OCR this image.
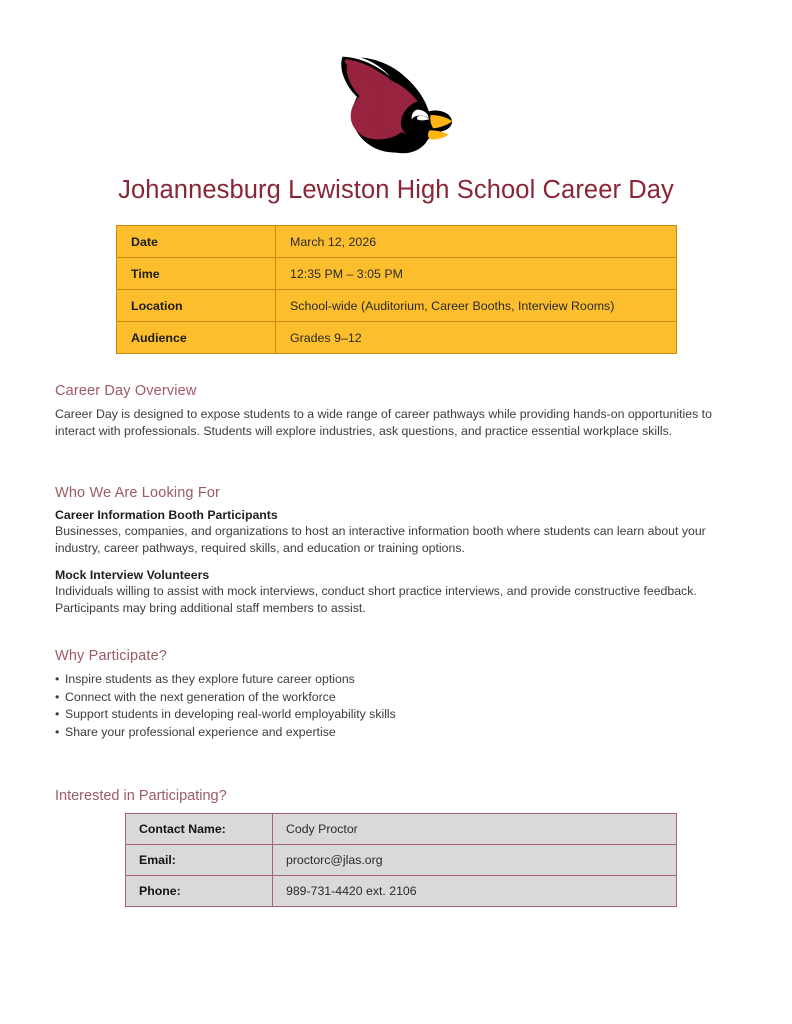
Johannesburg Lewiston High School Career Day
Date	March 12, 2026
Time	12:35 PM – 3:05 PM
Location	School-wide (Auditorium, Career Booths, Interview Rooms)
Audience	Grades 9–12
Career Day Overview

Career Day is designed to expose students to a wide range of career pathways while providing hands-on opportunities to interact with professionals. Students will explore industries, ask questions, and practice essential workplace skills.

Who We Are Looking For
Career Information Booth Participants

Businesses, companies, and organizations to host an interactive information booth where students can learn about your industry, career pathways, required skills, and education or training options.

Mock Interview Volunteers

Individuals willing to assist with mock interviews, conduct short practice interviews, and provide constructive feedback. Participants may bring additional staff members to assist.

Why Participate?
• Inspire students as they explore future career options
• Connect with the next generation of the workforce
• Support students in developing real-world employability skills
• Share your professional experience and expertise
Interested in Participating?
Contact Name:	Cody Proctor
Email:	proctorc@jlas.org
Phone:	989-731-4420 ext. 2106
